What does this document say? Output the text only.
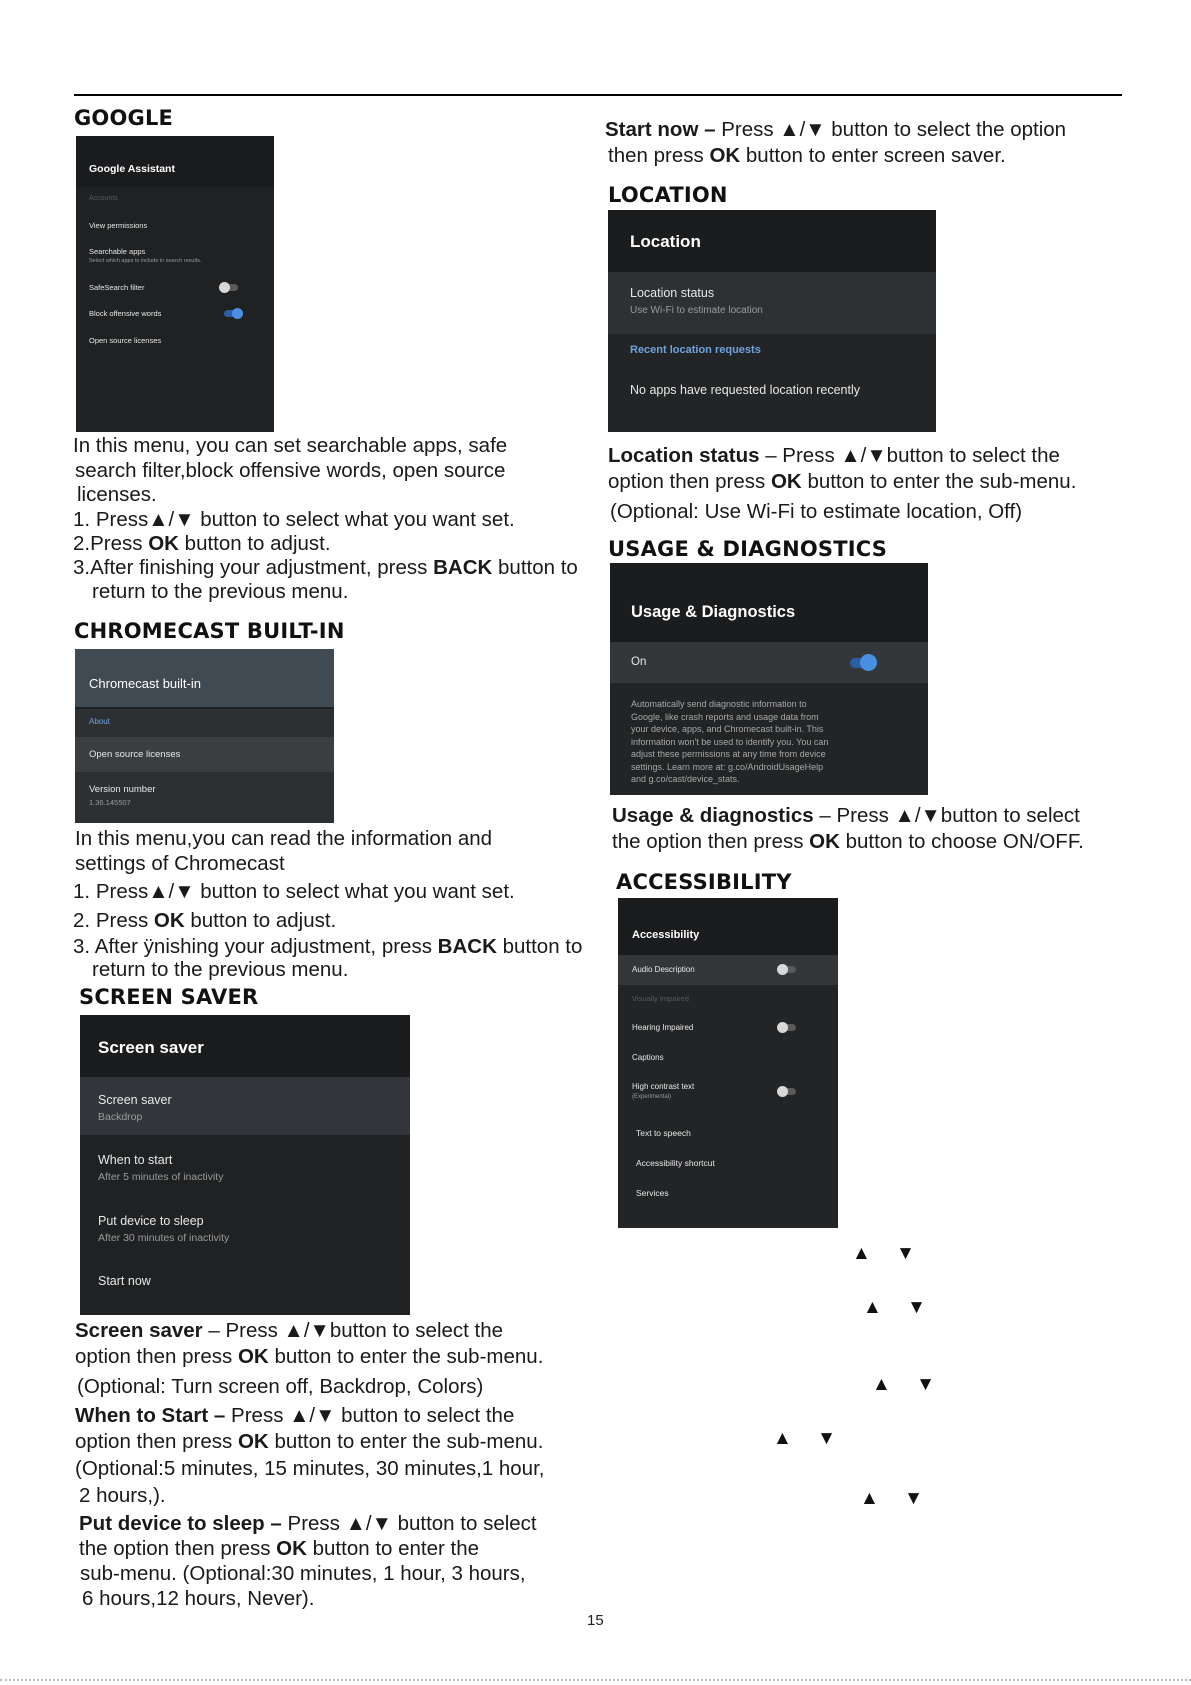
GOOGLE
Google Assistant
Accounts
View permissions
Searchable apps
Select which apps to include in search results.
SafeSearch filter
Block offensive words
Open source licenses
In this menu, you can set searchable apps, safe
search filter,block offensive words, open source
licenses.
1. Press▲/▼ button to select what you want set.
2.Press OK button to adjust.
3.After finishing your adjustment, press BACK button to
return to the previous menu.
CHROMECAST BUILT-IN
Chromecast built-in
About
Open source licenses
Version number
1.36.145507
In this menu,you can read the information and
settings of Chromecast
1. Press▲/▼ button to select what you want set.
2. Press OK button to adjust.
3. After ÿnishing your adjustment, press BACK button to
return to the previous menu.
SCREEN SAVER
Screen saver
Screen saver
Backdrop
When to start
After 5 minutes of inactivity
Put device to sleep
After 30 minutes of inactivity
Start now
Screen saver – Press ▲/▼button to select the
option then press OK button to enter the sub-menu.
(Optional: Turn screen off, Backdrop, Colors)
When to Start – Press ▲/▼ button to select the
option then press OK button to enter the sub-menu.
(Optional:5 minutes, 15 minutes, 30 minutes,1 hour,
2 hours,).
Put device to sleep – Press ▲/▼ button to select
the option then press OK button to enter the
sub-menu. (Optional:30 minutes, 1 hour, 3 hours,
6 hours,12 hours, Never).
Start now – Press ▲/▼ button to select the option
then press OK button to enter screen saver.
LOCATION
Location
Location status
Use Wi-Fi to estimate location
Recent location requests
No apps have requested location recently
Location status – Press ▲/▼button to select the
option then press OK button to enter the sub-menu.
(Optional: Use Wi-Fi to estimate location, Off)
USAGE & DIAGNOSTICS
Usage & Diagnostics
On
Automatically send diagnostic information to
Google, like crash reports and usage data from
your device, apps, and Chromecast built-in. This
information won't be used to identify you. You can
adjust these permissions at any time from device
settings. Learn more at: g.co/AndroidUsageHelp
and g.co/cast/device_stats.
Usage & diagnostics – Press ▲/▼button to select
the option then press OK button to choose ON/OFF.
ACCESSIBILITY
Accessibility
Audio Description
Visually Impaired
Hearing Impaired
Captions
High contrast text
(Experimental)
Text to speech
Accessibility shortcut
Services
▲ ▼
▲ ▼
▲ ▼
▲ ▼
▲ ▼
15
